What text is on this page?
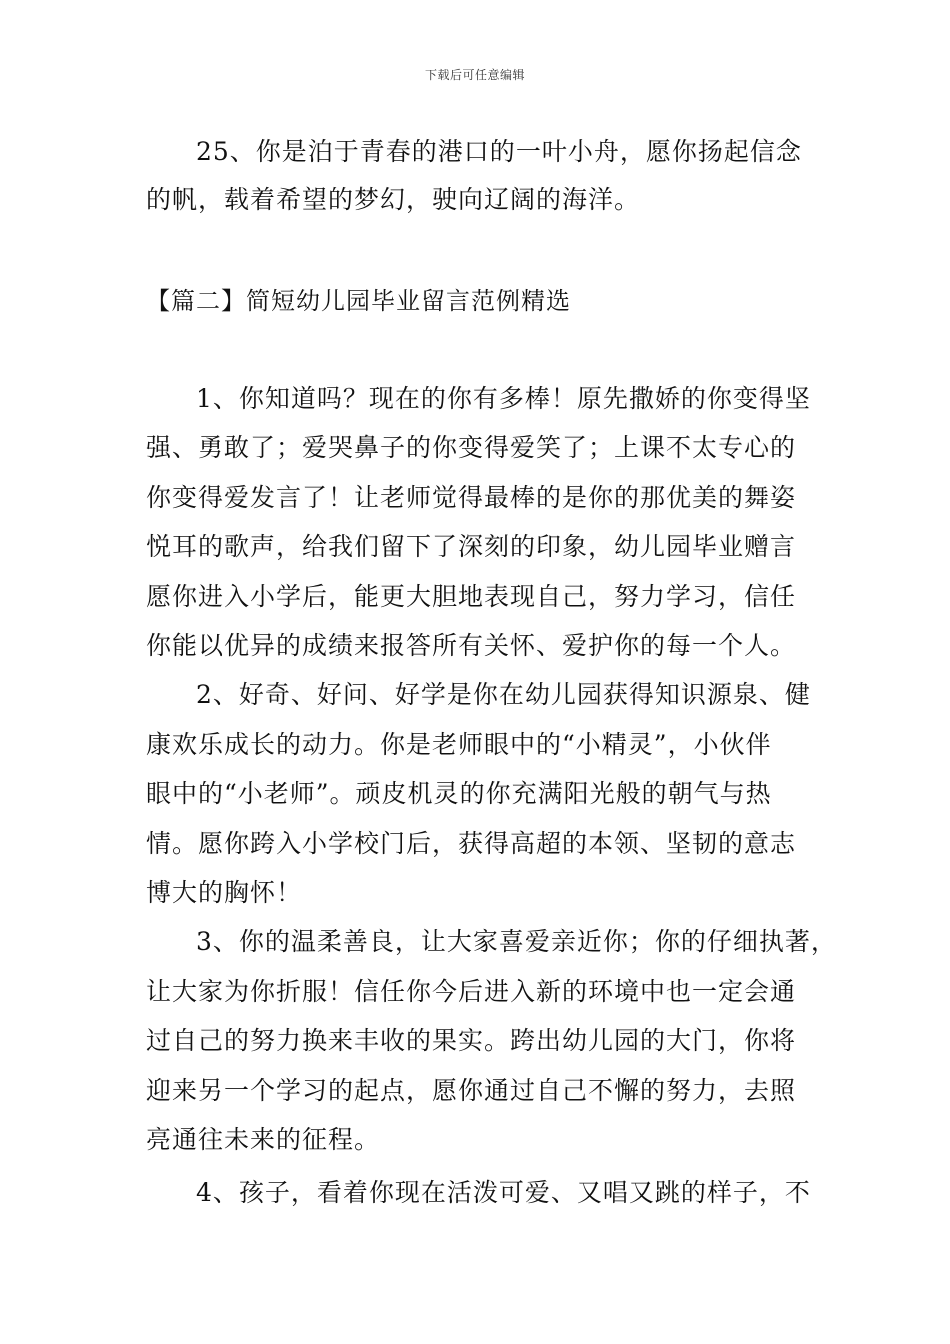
下载后可任意编辑
25、你是泊于青春的港口的一叶小舟，愿你扬起信念
的帆，载着希望的梦幻，驶向辽阔的海洋。
【篇二】简短幼儿园毕业留言范例精选
1、你知道吗？现在的你有多棒！原先撒娇的你变得坚
强、勇敢了；爱哭鼻子的你变得爱笑了；上课不太专心的
你变得爱发言了！让老师觉得最棒的是你的那优美的舞姿
悦耳的歌声，给我们留下了深刻的印象，幼儿园毕业赠言
愿你进入小学后，能更大胆地表现自己，努力学习，信任
你能以优异的成绩来报答所有关怀、爱护你的每一个人。
2、好奇、好问、好学是你在幼儿园获得知识源泉、健
康欢乐成长的动力。你是老师眼中的“小精灵”，小伙伴
眼中的“小老师”。顽皮机灵的你充满阳光般的朝气与热
情。愿你跨入小学校门后，获得高超的本领、坚韧的意志
博大的胸怀！
3、你的温柔善良，让大家喜爱亲近你；你的仔细执著，
让大家为你折服！信任你今后进入新的环境中也一定会通
过自己的努力换来丰收的果实。跨出幼儿园的大门，你将
迎来另一个学习的起点，愿你通过自己不懈的努力，去照
亮通往未来的征程。
4、孩子，看着你现在活泼可爱、又唱又跳的样子，不
